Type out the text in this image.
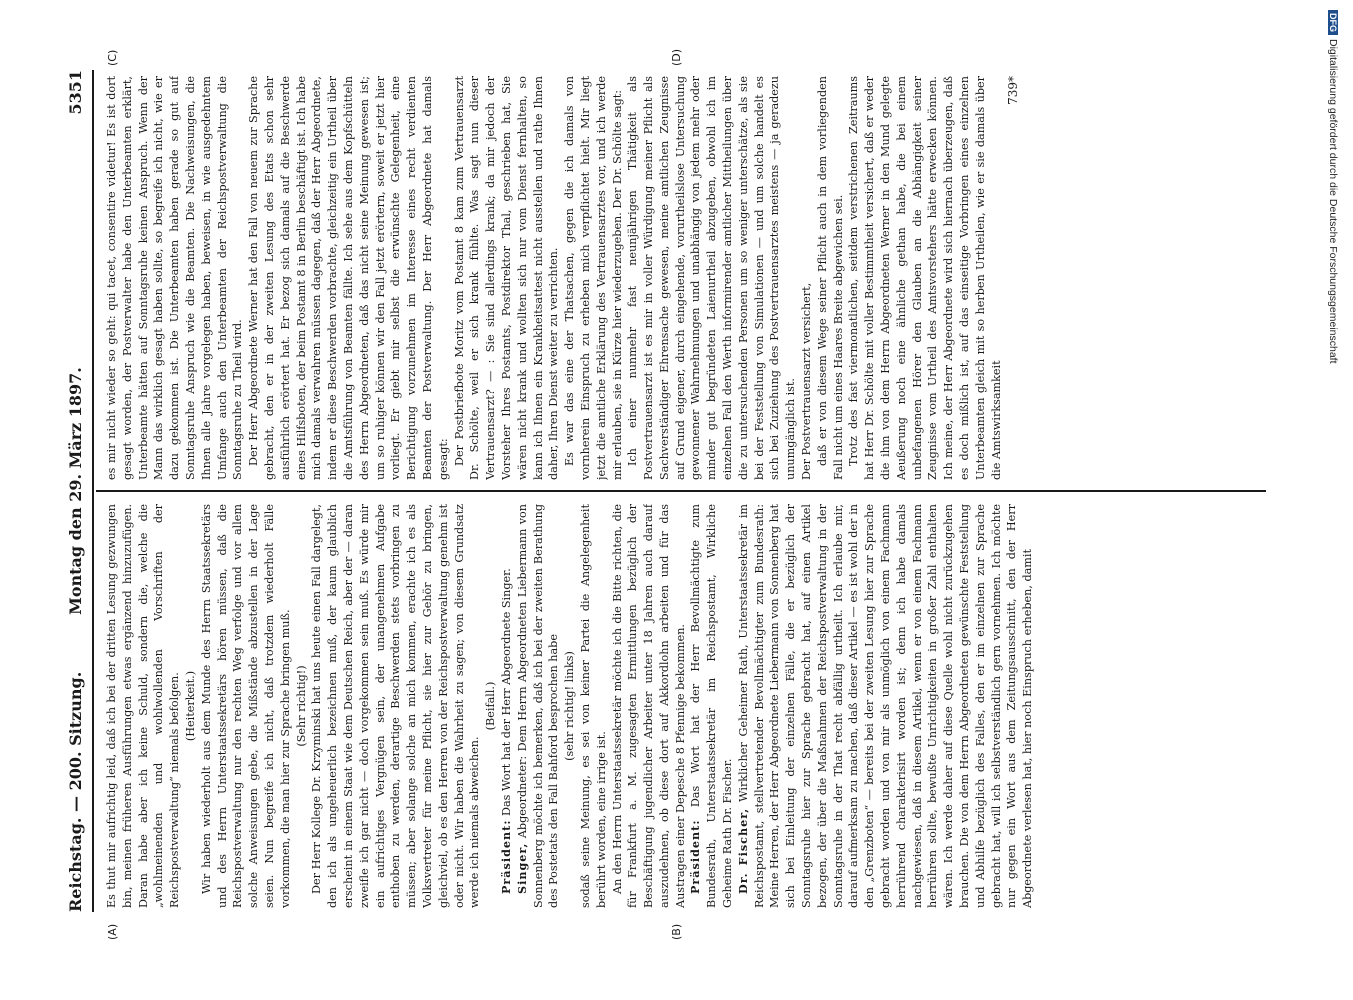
Reichstag. — 200. Sitzung.
Montag den 29. März 1897.
5351
(A)	(B)
(C)	(D)

Es thut mir aufrichtig leid, daß ich bei der dritten Lesung gezwungen bin, meinen früheren Ausführungen etwas ergänzend hinzuzufügen. Daran habe aber ich keine Schuld, sondern die, welche die „wohlmeinenden und wohlwollenden Vorschriften der Reichspostverwaltung“ niemals befolgen. (Heiterkeit.) Wir haben wiederholt aus dem Munde des Herrn Staatssekretärs und des Herrn Unterstaatssekretärs hören müssen, daß die Reichspostverwaltung nur den rechten Weg verfolge und vor allem solche Anweisungen gebe, die Mißstände abzustellen in der Lage seien. Nun begreife ich nicht, daß trotzdem wiederholt Fälle vorkommen, die man hier zur Sprache bringen muß. (Sehr richtig!) Der Herr Kollege Dr. Krzyminski hat uns heute einen Fall dargelegt, den ich als ungeheuerlich bezeichnen muß, der kaum glaublich erscheint in einem Staat wie dem Deutschen Reich, aber der — daran zweifle ich gar nicht — doch vorgekommen sein muß. Es würde mir ein aufrichtiges Vergnügen sein, der unangenehmen Aufgabe enthoben zu werden, derartige Beschwerden stets vorbringen zu müssen; aber solange solche an mich kommen, erachte ich es als Volksvertreter für meine Pflicht, sie hier zur Gehör zu bringen, gleichviel, ob es den Herren von der Reichspostverwaltung genehm ist oder nicht. Wir haben die Wahrheit zu sagen; von diesem Grundsatz werde ich niemals abweichen.

(Beifall.)

Präsident: Das Wort hat der Herr Abgeordnete Singer.

Singer, Abgeordneter: Dem Herrn Abgeordneten Liebermann von Sonnenberg möchte ich bemerken, daß ich bei der zweiten Berathung des Postetats den Fall Bahford besprochen habe (sehr richtig! links) sodaß seine Meinung, es sei von keiner Partei die Angelegenheit berührt worden, eine irrige ist. An den Herrn Unterstaatssekretär möchte ich die Bitte richten, die für Frankfurt a. M. zugesagten Ermittlungen bezüglich der Beschäftigung jugendlicher Arbeiter unter 18 Jahren auch darauf auszudehnen, ob diese dort auf Akkordlohn arbeiten und für das Austragen einer Depesche 8 Pfennige bekommen. Präsident: Das Wort hat der Herr Bevollmächtigte zum Bundesrath, Unterstaatssekretär im Reichspostamt, Wirkliche Geheime Rath Dr. Fischer. Dr. Fischer, Wirklicher Geheimer Rath, Unterstaatssekretär im Reichspostamt, stellvertretender Bevollmächtigter zum Bundesrath: Meine Herren, der Herr Abgeordnete Liebermann von Sonnenberg hat sich bei Einleitung der einzelnen Fälle, die er bezüglich der Sonntagsruhe hier zur Sprache gebracht hat, auf einen Artikel bezogen, der über die Maßnahmen der Reichspostverwaltung in der Sonntagsruhe in der That recht abfällig urtheilt. Ich erlaube mir, darauf aufmerksam zu machen, daß dieser Artikel — es ist wohl der in den „Grenzboten“ — bereits bei der zweiten Lesung hier zur Sprache gebracht worden und von mir als unmöglich von einem Fachmann herrührend charakterisirt worden ist; denn ich habe damals nachgewiesen, daß in diesem Artikel, wenn er von einem Fachmann herrühren sollte, bewußte Unrichtigkeiten in großer Zahl enthalten wären. Ich werde daher auf diese Quelle wohl nicht zurückzugehen brauchen. Die von dem Herrn Abgeordneten gewünschte Feststellung und Abhilfe bezüglich des Falles, den er im einzelnen zur Sprache gebracht hat, will ich selbstverständlich gern vornehmen. Ich möchte nur gegen ein Wort aus dem Zeitungsausschnitt, den der Herr Abgeordnete verlesen hat, hier noch Einspruch erheben, damit

es mir nicht wieder so geht: qui tacet, consentire videtur! Es ist dort gesagt worden, der Postverwalter habe den Unterbeamten erklärt, Unterbeamte hätten auf Sonntagsruhe keinen Anspruch. Wenn der Mann das wirklich gesagt haben sollte, so begreife ich nicht, wie er dazu gekommen ist. Die Unterbeamten haben gerade so gut auf Sonntagsruhe Anspruch wie die Beamten. Die Nachweisungen, die Ihnen alle Jahre vorgelegen haben, beweisen, in wie ausgedehntem Umfange auch den Unterbeamten der Reichspostverwaltung die Sonntagsruhe zu Theil wird. Der Herr Abgeordnete Werner hat den Fall von neuem zur Sprache gebracht, den er in der zweiten Lesung des Etats schon sehr ausführlich erörtert hat. Er bezog sich damals auf die Beschwerde eines Hilfsboten, der beim Postamt 8 in Berlin beschäftigt ist. Ich habe mich damals verwahren müssen dagegen, daß der Herr Abgeordnete, indem er diese Beschwerden vorbrachte, gleichzeitig ein Urtheil über die Amtsführung von Beamten fällte. Ich sehe aus dem Kopfschütteln des Herrn Abgeordneten, daß das nicht seine Meinung gewesen ist; um so ruhiger können wir den Fall jetzt erörtern, soweit er jetzt hier vorliegt. Er giebt mir selbst die erwünschte Gelegenheit, eine Berichtigung vorzunehmen im Interesse eines recht verdienten Beamten der Postverwaltung. Der Herr Abgeordnete hat damals gesagt: Der Postbriefbote Moritz vom Postamt 8 kam zum Vertrauensarzt Dr. Schölte, weil er sich krank fühlte. Was sagt nun dieser Vertrauensarzt? — : Sie sind allerdings krank; da mir jedoch der Vorsteher Ihres Postamts, Postdirektor Thal, geschrieben hat, Sie wären nicht krank und wollten sich nur vom Dienst fernhalten, so kann ich Ihnen ein Krankheitsattest nicht ausstellen und rathe Ihnen daher, Ihren Dienst weiter zu verrichten. Es war das eine der Thatsachen, gegen die ich damals von vornherein Einspruch zu erheben mich verpflichtet hielt. Mir liegt jetzt die amtliche Erklärung des Vertrauensarztes vor, und ich werde mir erlauben, sie in Kürze hier wiederzugeben. Der Dr. Schölte sagt: Ich einer nunmehr fast neunjährigen Thätigkeit als Postvertrauensarzt ist es mir in voller Würdigung meiner Pflicht als Sachverständiger Ehrensache gewesen, meine amtlichen Zeugnisse auf Grund eigener, durch eingehende, vorurtheilslose Untersuchung gewonnener Wahrnehmungen und unabhängig von jedem mehr oder minder gut begründeten Laienurtheil abzugeben, obwohl ich im einzelnen Fall den Werth informirender amtlicher Mittheilungen über die zu untersuchenden Personen um so weniger unterschätze, als sie bei der Feststellung von Simulationen — und um solche handelt es sich bei Zuziehung des Postvertrauensarztes meistens — ja geradezu unumgänglich ist. Der Postvertrauensarzt versichert, daß er von diesem Wege seiner Pflicht auch in dem vorliegenden Fall nicht um eines Haares Breite abgewichen sei. Trotz des fast viermonatlichen, seitdem verstrichenen Zeitraums hat Herr Dr. Schölte mit voller Bestimmtheit versichert, daß er weder die ihm von dem Herrn Abgeordneten Werner in den Mund gelegte Aeußerung noch eine ähnliche gethan habe, die bei einem unbefangenen Hörer den Glauben an die Abhängigkeit seiner Zeugnisse vom Urtheil des Amtsvorstehers hätte erwecken können. Ich meine, der Herr Abgeordnete wird sich hiernach überzeugen, daß es doch mißlich ist, auf das einseitige Vorbringen eines einzelnen Unterbeamten gleich mit so herben Urtheilen, wie er sie damals über die Amtswirksamkeit

739*
DFG
Digitalisierung gefördert durch die Deutsche Forschungsgemeinschaft
